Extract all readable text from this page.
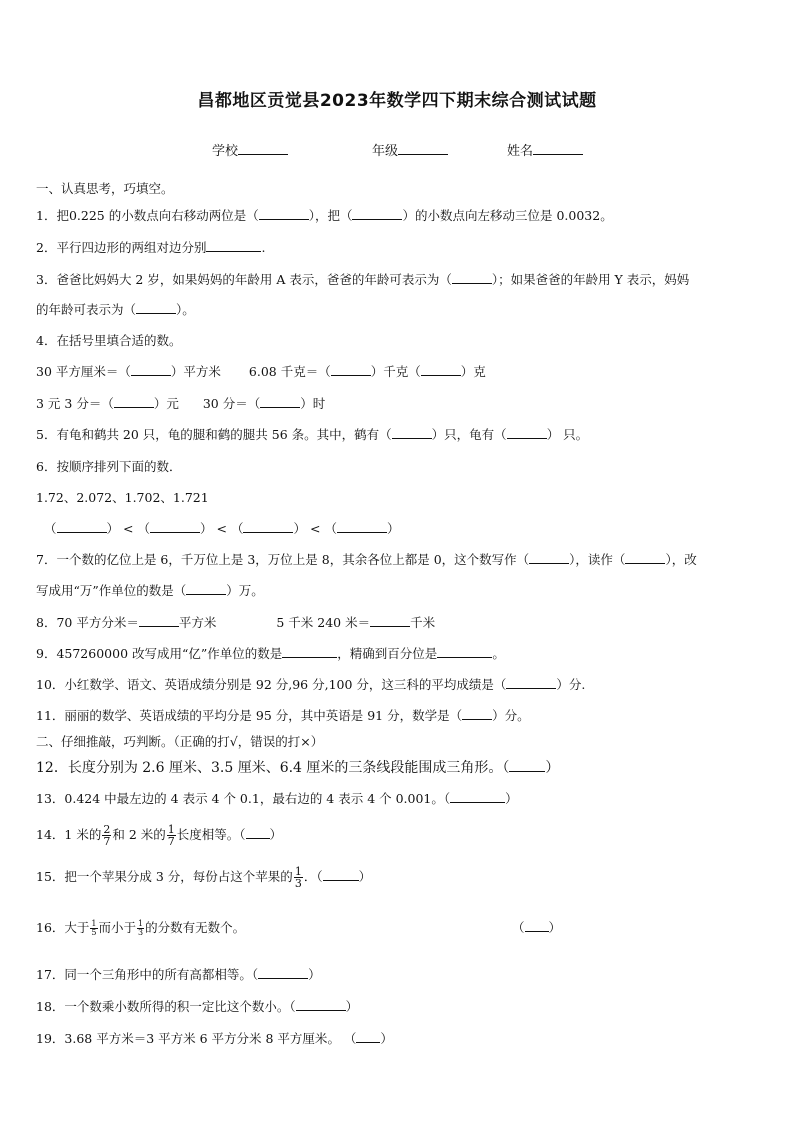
昌都地区贡觉县2023年数学四下期末综合测试试题
学校	年级	姓名
一、认真思考，巧填空。
1．把0.225 的小数点向右移动两位是（	），把（	）的小数点向左移动三位是 0.0032。
2．平行四边形的两组对边分别	.
3．爸爸比妈妈大 2 岁，如果妈妈的年龄用 A 表示，爸爸的年龄可表示为（	）；如果爸爸的年龄用 Y 表示，妈妈
的年龄可表示为（	）。
4．在括号里填合适的数。
30 平方厘米＝（	）平方米 6.08 千克＝（	）千克（	）克
3 元 3 分＝（	）元 30 分＝（	）时
5．有龟和鹤共 20 只，龟的腿和鹤的腿共 56 条。其中，鹤有（	）只，龟有（	） 只。
6．按顺序排列下面的数．
1.72、2.072、1.702、1.721
（	） < （	） < （	） < （	）
7．一个数的亿位上是 6，千万位上是 3，万位上是 8，其余各位上都是 0，这个数写作（	），读作（	），改
写成用“万”作单位的数是（	）万。
8．70 平方分米＝	平方米	5 千米 240 米＝	千米
9．457260000 改写成用“亿”作单位的数是	，精确到百分位是	。
10．小红数学、语文、英语成绩分别是 92 分,96 分,100 分，这三科的平均成绩是（	）分.
11．丽丽的数学、英语成绩的平均分是 95 分，其中英语是 91 分，数学是（ ）分。
二、仔细推敲，巧判断。（正确的打√，错误的打×）
12．长度分别为 2.6 厘米、3.5 厘米、6.4 厘米的三条线段能围成三角形。（	）
13．0.424 中最左边的 4 表示 4 个 0.1，最右边的 4 表示 4 个 0.001。（	）
14．1 米的 $\frac{2}{7}$ 和 2 米的 $\frac{1}{7}$ 长度相等。（ ）
15．把一个苹果分成 3 分，每份占这个苹果的 $\frac{1}{3}$ ．（	）
16．大于 $\frac{1}{5}$ 而小于 $\frac{1}{3}$ 的分数有无数个。	（ ）
17．同一个三角形中的所有高都相等。（	）
18．一个数乘小数所得的积一定比这个数小。（	）
19．3.68 平方米＝3 平方米 6 平方分米 8 平方厘米。 （ ）
